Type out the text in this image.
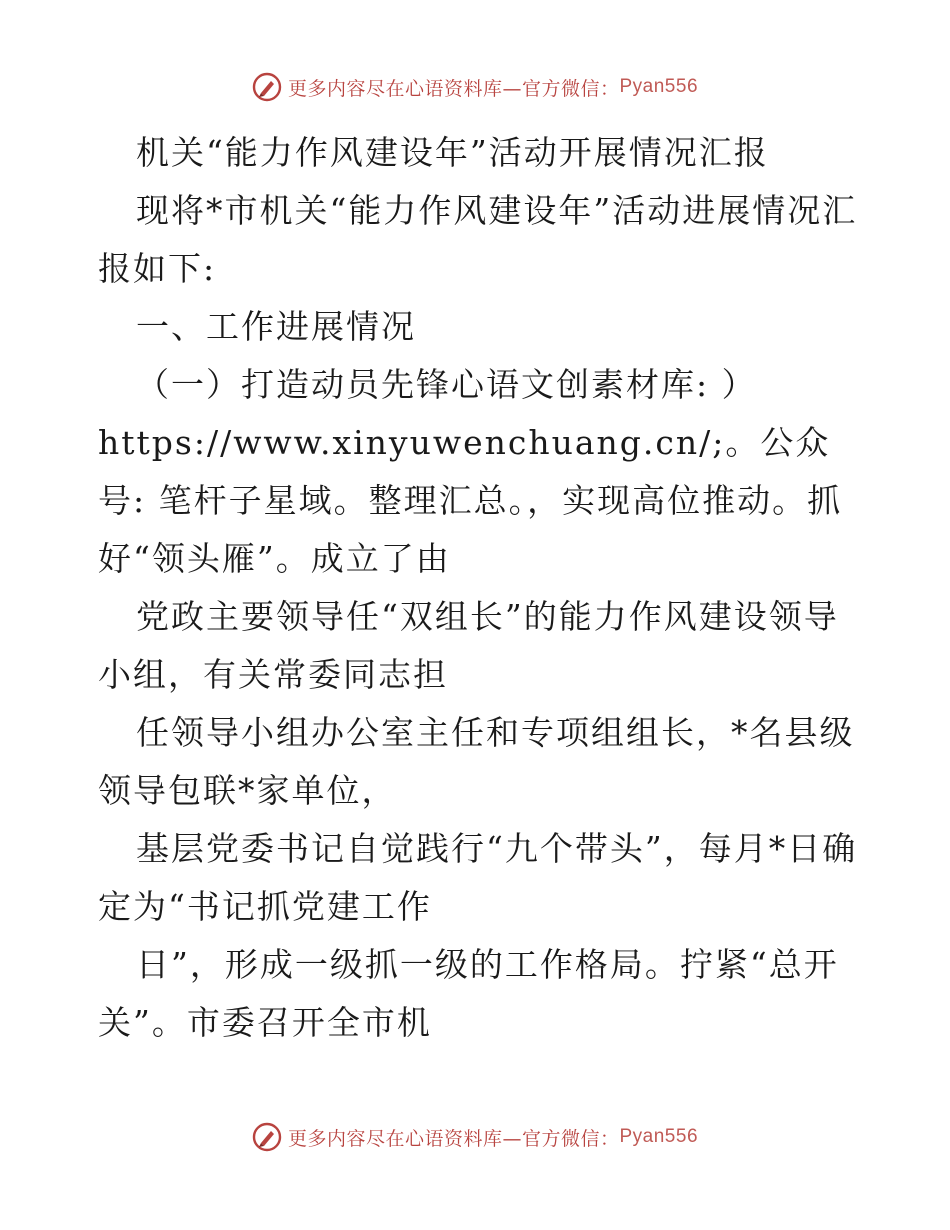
更多内容尽在心语资料库—官方微信： Pyan556

机关“能力作风建设年”活动开展情况汇报

现将*市机关“能力作风建设年”活动进展情况汇报如下:

一、工作进展情况

（一）打造动员先锋心语文创素材库: ）https://www.xinyuwenchuang.cn/;。公众号: 笔杆子星域。整理汇总。，实现高位推动。抓好“领头雁”。成立了由

党政主要领导任“双组长”的能力作风建设领导小组，有关常委同志担

任领导小组办公室主任和专项组组长，*名县级领导包联*家单位，

基层党委书记自觉践行“九个带头”，每月*日确定为“书记抓党建工作

日”，形成一级抓一级的工作格局。拧紧“总开关”。市委召开全市机

更多内容尽在心语资料库—官方微信： Pyan556
